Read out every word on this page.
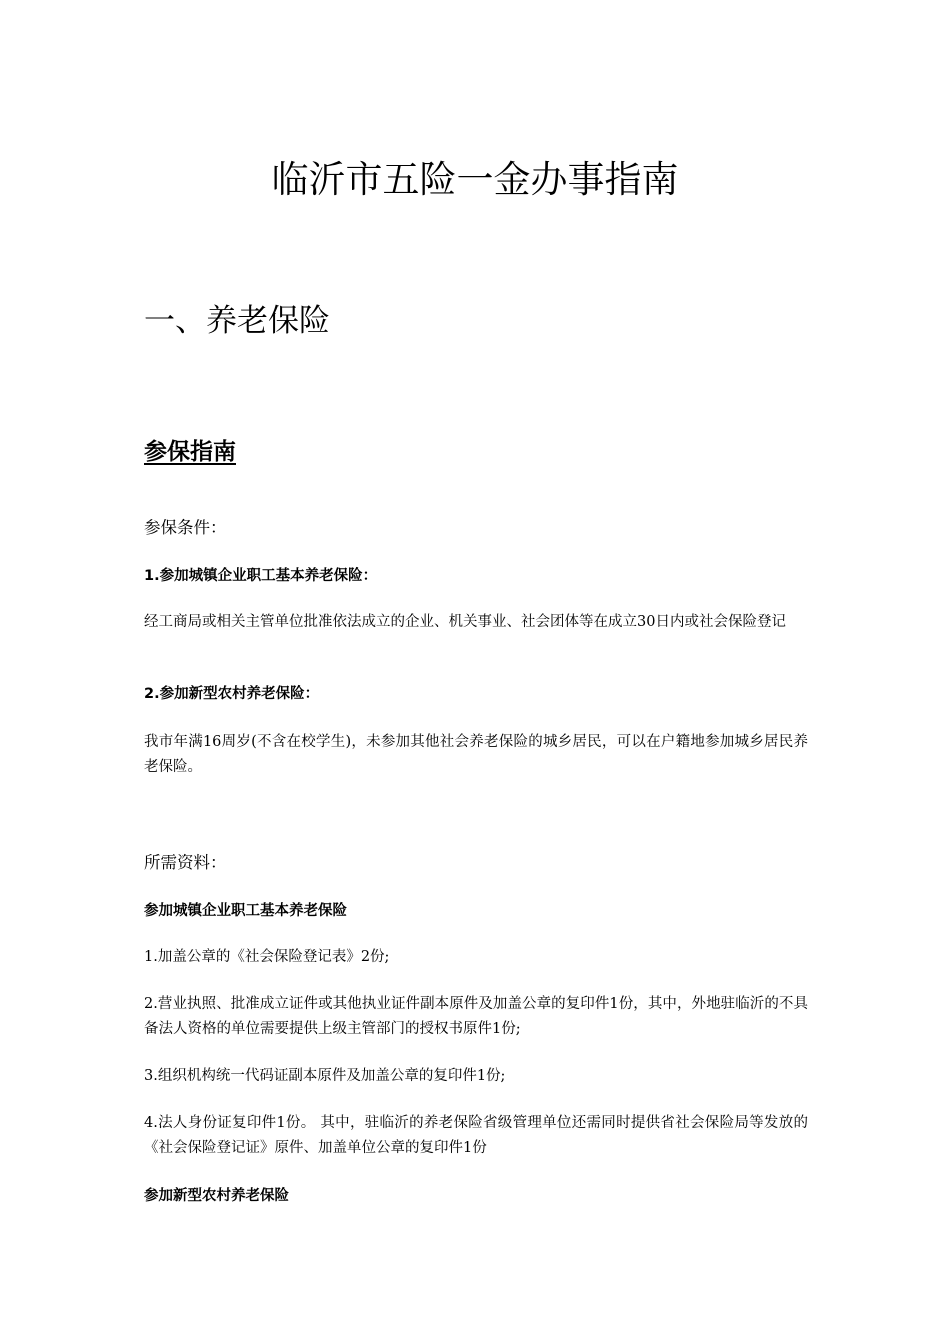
临沂市五险一金办事指南
一、养老保险
参保指南
参保条件：
1.参加城镇企业职工基本养老保险：

经工商局或相关主管单位批准依法成立的企业、机关事业、社会团体等在成立30日内或社会保险登记

2.参加新型农村养老保险：

我市年满16周岁(不含在校学生)，未参加其他社会养老保险的城乡居民，可以在户籍地参加城乡居民养老保险。

所需资料：
参加城镇企业职工基本养老保险

1.加盖公章的《社会保险登记表》2份;

2.营业执照、批准成立证件或其他执业证件副本原件及加盖公章的复印件1份，其中，外地驻临沂的不具备法人资格的单位需要提供上级主管部门的授权书原件1份;

3.组织机构统一代码证副本原件及加盖公章的复印件1份;

4.法人身份证复印件1份。 其中，驻临沂的养老保险省级管理单位还需同时提供省社会保险局等发放的《社会保险登记证》原件、加盖单位公章的复印件1份

参加新型农村养老保险
